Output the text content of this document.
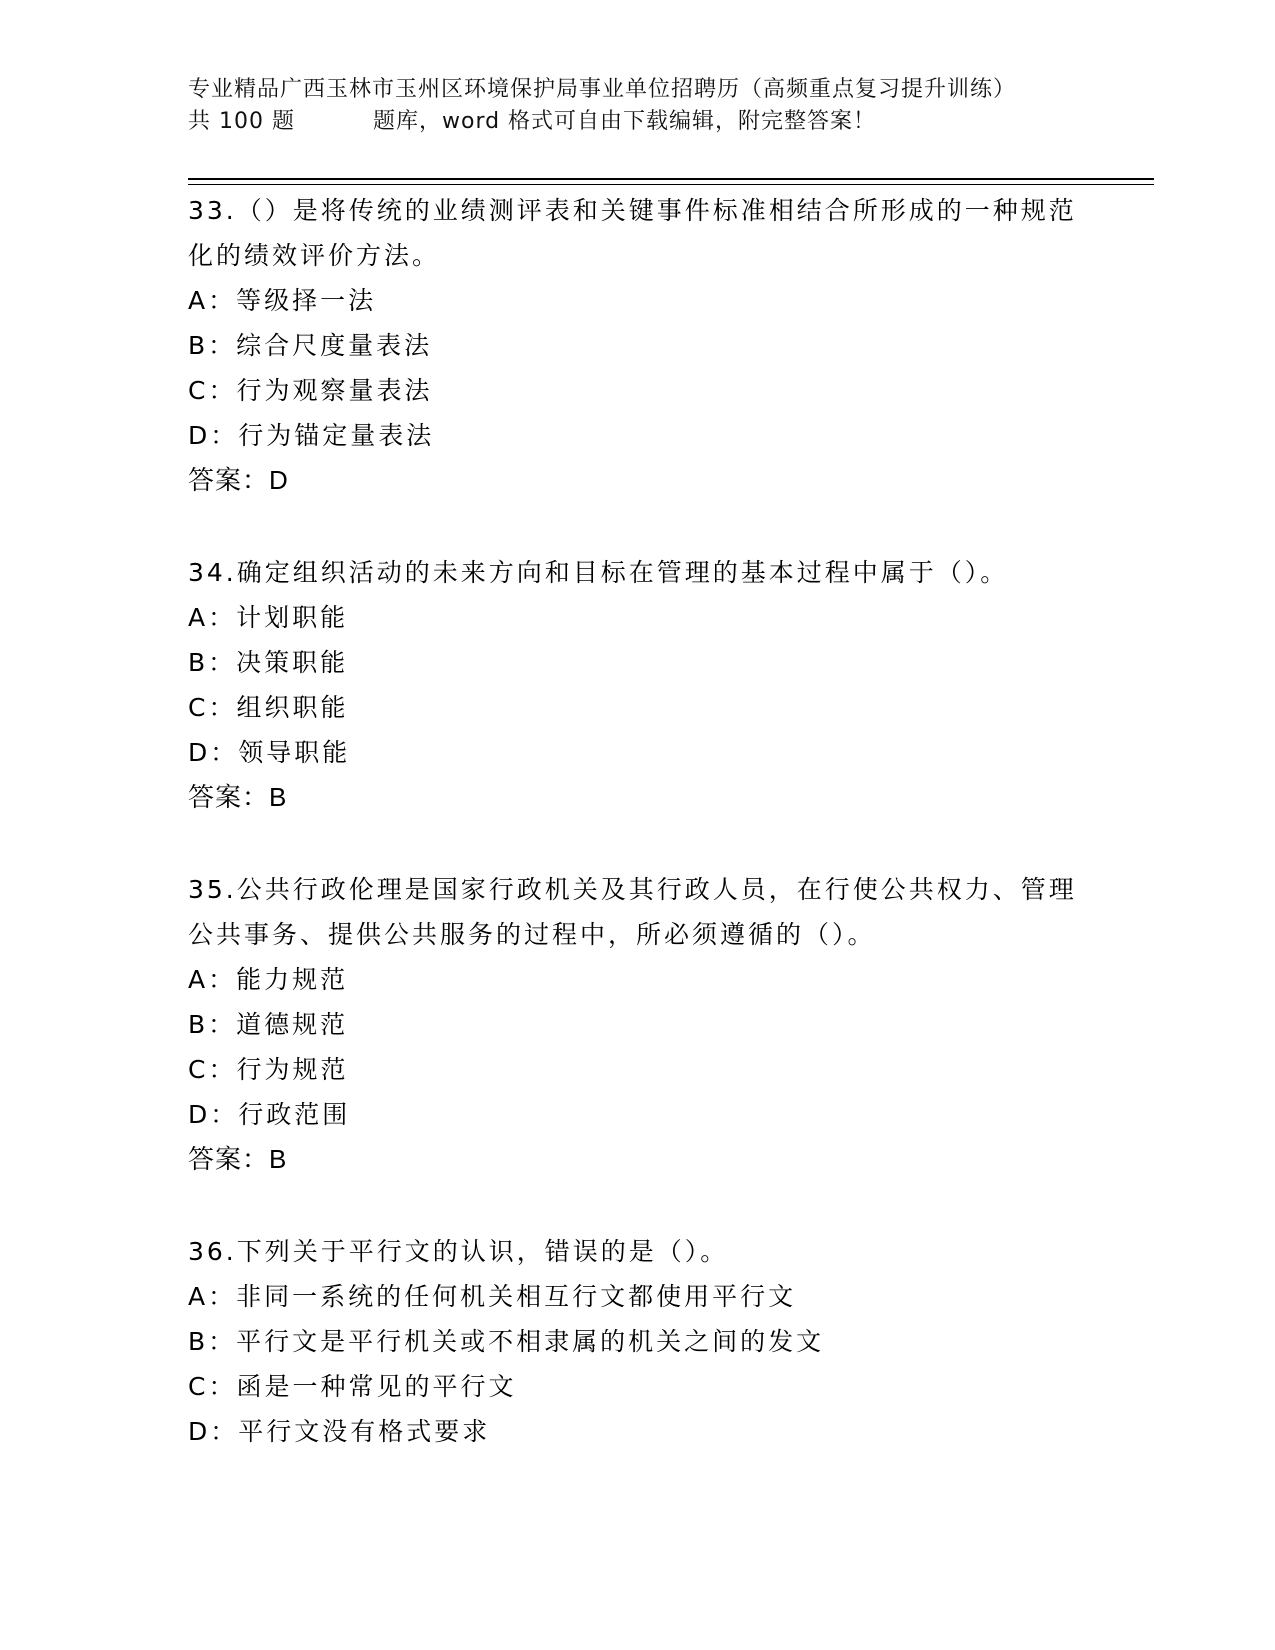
专业精品广西玉林市玉州区环境保护局事业单位招聘历（高频重点复习提升训练）
共 100 题	题库，word 格式可自由下载编辑，附完整答案！

33.（）是将传统的业绩测评表和关键事件标准相结合所形成的一种规范化的绩效评价方法。

A：等级择一法

B：综合尺度量表法

C：行为观察量表法

D：行为锚定量表法

答案：D

34.确定组织活动的未来方向和目标在管理的基本过程中属于（）。

A：计划职能

B：决策职能

C：组织职能

D：领导职能

答案：B

35.公共行政伦理是国家行政机关及其行政人员，在行使公共权力、管理公共事务、提供公共服务的过程中，所必须遵循的（）。

A：能力规范

B：道德规范

C：行为规范

D：行政范围

答案：B

36.下列关于平行文的认识，错误的是（）。

A：非同一系统的任何机关相互行文都使用平行文

B：平行文是平行机关或不相隶属的机关之间的发文

C：函是一种常见的平行文

D：平行文没有格式要求
